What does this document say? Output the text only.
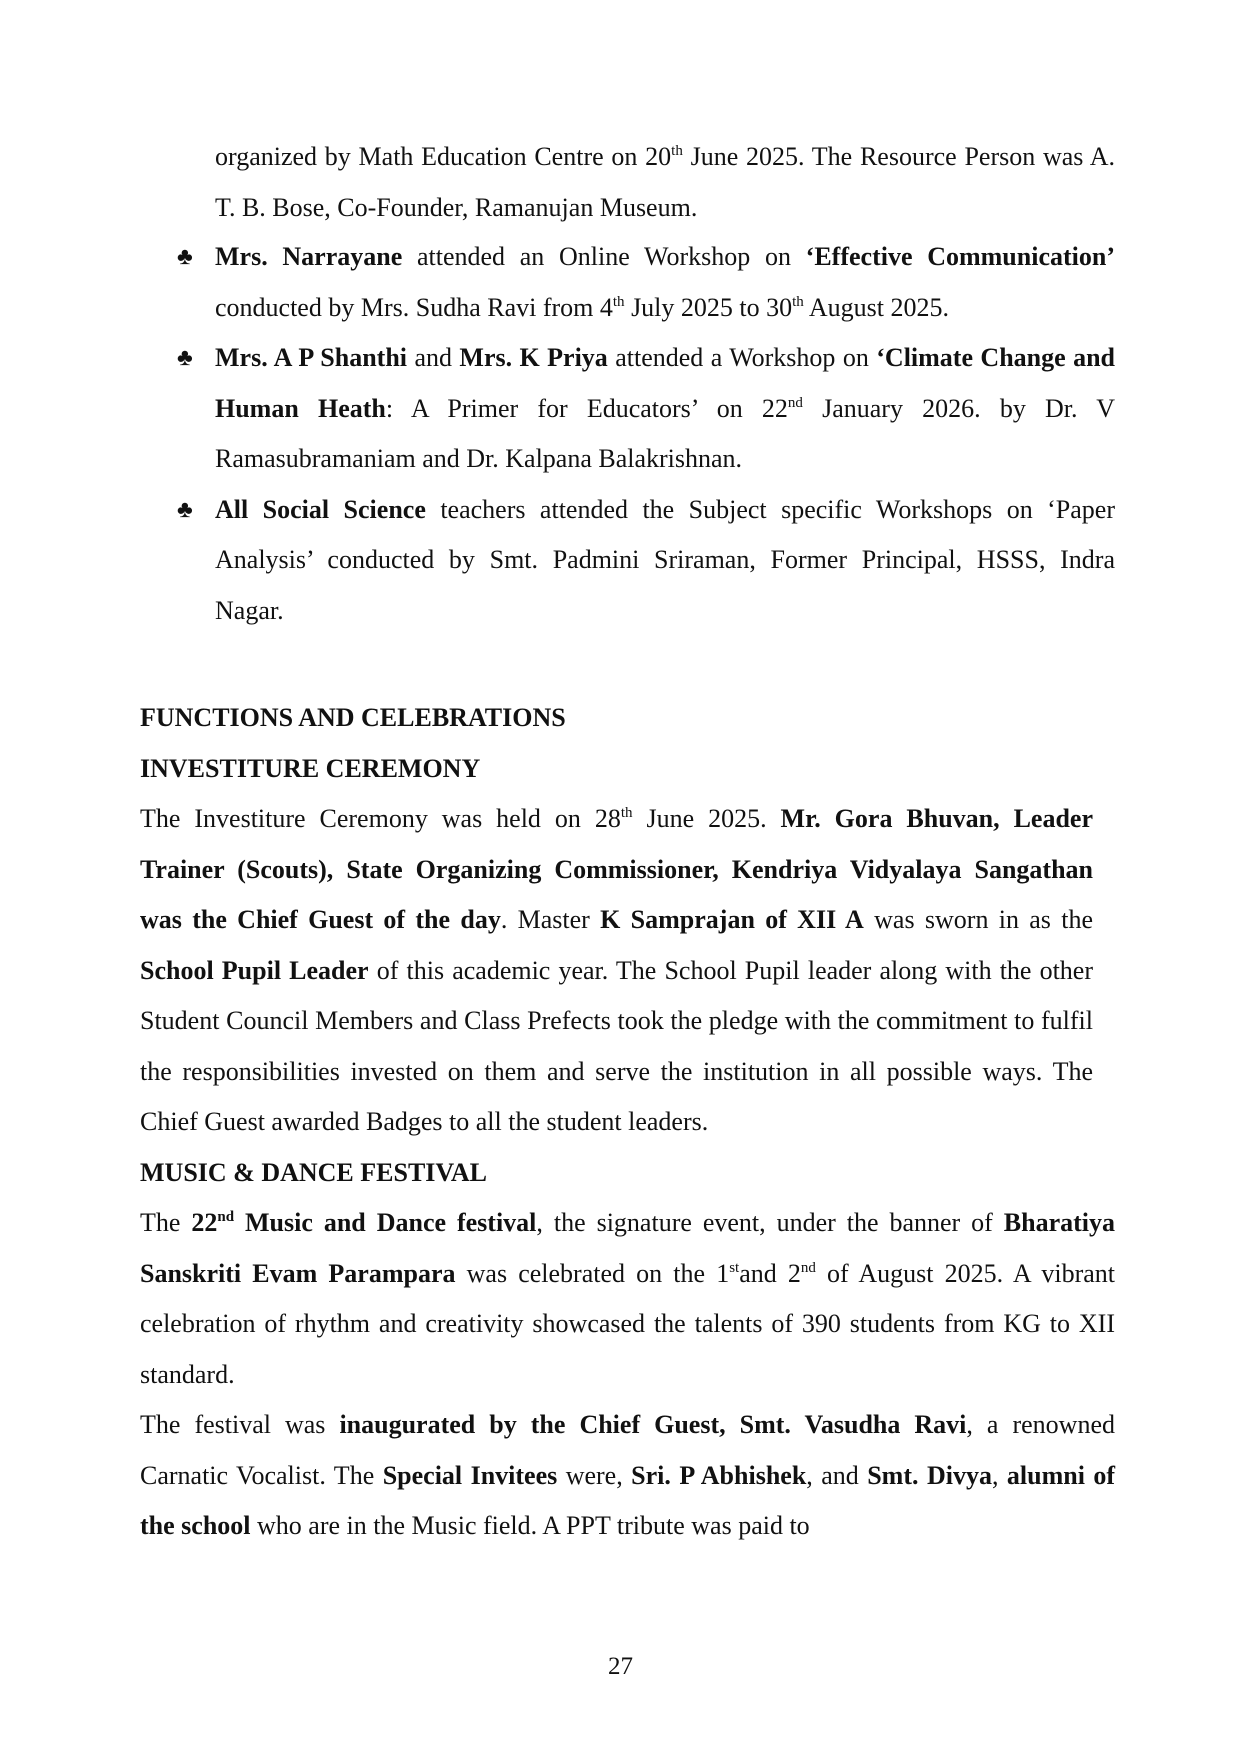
organized by Math Education Centre on 20th June 2025. The Resource Person was A. T. B. Bose, Co-Founder, Ramanujan Museum.
♣ Mrs. Narrayane attended an Online Workshop on ‘Effective Communication’ conducted by Mrs. Sudha Ravi from 4th July 2025 to 30th August 2025.
♣ Mrs. A P Shanthi and Mrs. K Priya attended a Workshop on ‘Climate Change and Human Heath: A Primer for Educators’ on 22nd January 2026. by Dr. V Ramasubramaniam and Dr. Kalpana Balakrishnan.
♣ All Social Science teachers attended the Subject specific Workshops on ‘Paper Analysis’ conducted by Smt. Padmini Sriraman, Former Principal, HSSS, Indra Nagar.
FUNCTIONS AND CELEBRATIONS
INVESTITURE CEREMONY
The Investiture Ceremony was held on 28th June 2025. Mr. Gora Bhuvan, Leader Trainer (Scouts), State Organizing Commissioner, Kendriya Vidyalaya Sangathan was the Chief Guest of the day. Master K Samprajan of XII A was sworn in as the School Pupil Leader of this academic year. The School Pupil leader along with the other Student Council Members and Class Prefects took the pledge with the commitment to fulfil the responsibilities invested on them and serve the institution in all possible ways. The Chief Guest awarded Badges to all the student leaders.
MUSIC & DANCE FESTIVAL
The 22nd Music and Dance festival, the signature event, under the banner of Bharatiya Sanskriti Evam Parampara was celebrated on the 1stand 2nd of August 2025. A vibrant celebration of rhythm and creativity showcased the talents of 390 students from KG to XII standard.
The festival was inaugurated by the Chief Guest, Smt. Vasudha Ravi, a renowned Carnatic Vocalist. The Special Invitees were, Sri. P Abhishek, and Smt. Divya, alumni of the school who are in the Music field. A PPT tribute was paid to
27
